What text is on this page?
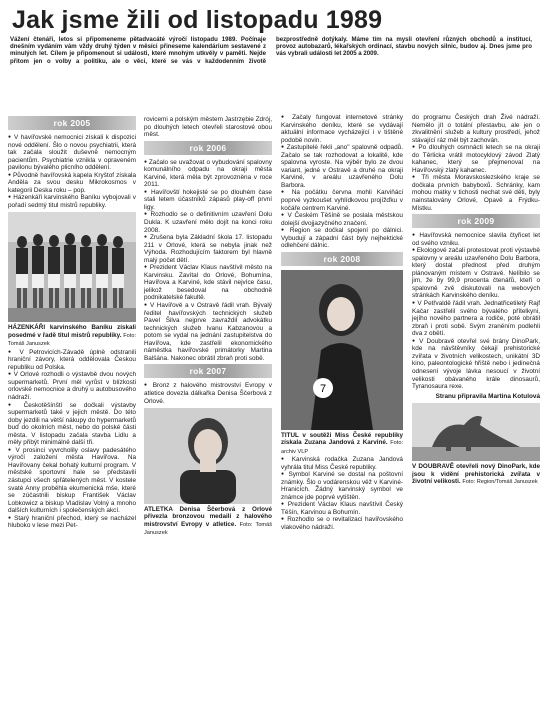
Jak jsme žili od listopadu 1989
Vážení čtenáři, letos si připomeneme pětadvacáté výročí listopadu 1989. Počínaje dnešním vydáním vám vždy druhý týden v měsíci přineseme kalendárium sestavené z minulých let. Cílem je připomenout si události, které mnohým utkvěly v paměti. Nejde přitom jen o volby a politiku, ale o věci, které se vás v každodenním životě bezprostředně dotýkaly. Máme tím na mysli otevření různých obchodů a institucí, provoz autobazarů, lékařských ordinací, stavbu nových silnic, budov aj. Dnes jsme pro vás vybrali události let 2005 a 2009.
rok 2005

● V havířovské nemocnici získali k dispozici nové oddělení. Šlo o novou psychiatrii, která tak začala sloužit duševně nemocným pacientům. Psychiatrie vznikla v opraveném pavilonu bývalého plicního oddělení.

● Původně havířovská kapela Kryštof získala Anděla za svou desku Mikrokosmos v kategorii Deska roku – pop.

● Házenkáři karvinského Baníku vybojovali v pořadí sedmý titul mistrů republiky.

HÁZENKÁŘI karvinského Baníku získali posedmé v řadě titul mistrů republiky. Foto: Tomáš Januszek

● V Petrovicích-Závadě úplně odstranili hraniční závory, která oddělovala Českou republiku od Polska.

● V Orlové rozhodli o výstavbě dvou nových supermarketů. První měl vyrůst v blízkosti orlovské nemocnice a druhý u autobusového nádraží.

● Českotěšínští se dočkali výstavby supermarketů také v jejich městě. Do této doby jezdili na větší nákupy do hypermarketů buď do okolních měst, nebo do polské části města. V listopadu začala stavba Lidlu a měly přibýt minimálně další tři.

● V prosinci vyvrcholily oslavy padesátého výročí založení města Havířova. Na Havířovany čekal bohatý kulturní program. V městské sportovní hale se představili zástupci všech spřátelených měst. V kostele svaté Anny proběhla ekumenická mše, které se zúčastnili biskup František Václav Lobkowicz a biskup Vladislav Volný a mnoho dalších kulturních i společenských akcí.

● Starý hraniční přechod, který se nacházel hluboko v lese mezi Pet-

rovicemi a polským městem Jastrzębie Zdrój, po dlouhých letech otevřeli starostové obou měst.

rok 2006

● Začalo se uvažovat o vybudování spalovny komunálního odpadu na okraji města Karviné, která měla být zprovozněna v roce 2011.

● Havířovští hokejisté se po dlouhém čase stali letem účastníků zápasů play-off první ligy.

● Rozhodlo se o definitivním uzavření Dolu Dukla. K uzavření mělo dojít na konci roku 2008.

● Zrušena byla Základní škola 17. listopadu 211 v Orlové, která se nebyla jinak než Výhoda. Rozhodujícím faktorem byl hlavně malý počet dětí.

● Prezident Václav Klaus navštívil město na Karvinsku. Zavítal do Orlové, Bohumína, Havířova a Karviné, kde stávil nejvíce času, jelikož besedoval na obchodně podnikatelské fakultě.

● V Havířově a v Ostravě řádil vrah. Bývalý ředitel havířovských technických služeb Pavel Šilva nejprve zavraždil advokátku technických služeb Ivanu Kabzanovou a potom se vydal na jednání zastupitelstva do Havířova, kde zastřelil ekonomického náměstka havířovské primátorky Martina Balšána. Nakonec obrátil zbraň proti sobě.

rok 2007

● Bronz z halového mistrovství Evropy v atletice dovezla dálkařka Denisa Ščerbová z Orlové.

ATLETKA Denisa Ščerbová z Orlové přivezla bronzovou medaili z halového mistrovství Evropy v atletice. Foto: Tomáš Januszek

● Začaly fungovat internetové stránky Karvinského deníku, které se vydávají aktuální informace vycházející i v tištěné podobě novin.

● Zastupitelé řekli „ano" spalovně odpadů. Začalo se tak rozhodovat a lokalitě, kde spalovna vyroste. Na výběr bylo ze dvou variant, jedné v Ostravě a druhé na okraji Karviné, v areálu uzavřeného Dolu Barbora.

● Na počátku června mohli Karviňáci poprvé vyzkoušet vyhlídkovou projížďku v kočáře centrem Karviné.

● V Českém Těšíně se poslala městskou dolejší dvojjazyčného značení.

● Region se dočkal spojení po dálnici. Vybudují a západní část byly nejhektické odlehčení dálnic.

rok 2008
7
TITUL v soutěži Miss České republiky získala Zuzana Jandová z Karviné. Foto: archiv VLP

● Karvinská rodačka Zuzana Jandová vyhrála titul Miss České republiky.

● Symbol Karviné se dostal na poštovní známky. Šlo o vodárenskou věž v Karviné-Hranicích. Žádný karvinský symbol ve známce jde poprvé vytištěn.

● Prezident Václav Klaus navštívil Český Těšín, Karvinou a Bohumín.

● Rozhodlo se o revitalizaci havířovského vlakového nádraží.

do programu Českých drah Živé nádraží. Nemělo jít o totální přestavbu, ale jen o zkvalitnění služeb a kultury prostředí, jehož stávající ráz měl být zachován.

● Po dlouhých osmnácti letech se na okraji do Těrlicka vrátil motocyklový závod Zlatý kahanec, který se přejmenoval na Havířovský zlatý kahanec.

● Tři města Moravskoslezského kraje se dočkala prvních babyboxů. Schránky, kam mohou matky v tichosti nechat své děti, byly nainstalovány Orlové, Opavě a Frýdku-Místku.

rok 2009

● Havířovská nemocnice slavila čtyřicet let od svého vzniku.

● Ekologové začali protestovat proti výstavbě spalovny v areálu uzavřeného Dolu Barbora, který dostal přednost před druhým plánovaným místem v Ostravě. Nelíbilo se jim, že by 99,9 procenta čtenářů, kteří o spalovně zvě diskutovali na webových stránkách Karvinského deníku.

● V Petřvaldě řádil vrah. Jednatřicetiletý Rajf Kačar zastřelil svého bývalého přítelkyni, jejího nového partnera a rodiče, poté obrátil zbraň i proti sobě. Svým zraněním podlehli dva z obětí.

● V Doubravě otevřel své brány DinoPark, kde na návštěvníky čekají prehistorické zvířata v životních velikostech, unikátní 3D kino, paleontologické hřiště nebo i jedinečná odnesení vývoje lávka nesoucí v životní velikosti obávaného krále dinosaurů, Tyranosaura rexe.

Stranu připravila Martina Kotulová
V DOUBRAVĚ otevřeli nový DinoPark, kde jsou k vidění prehistorická zvířata v životní velikosti. Foto: Region/Tomáš Januszek
